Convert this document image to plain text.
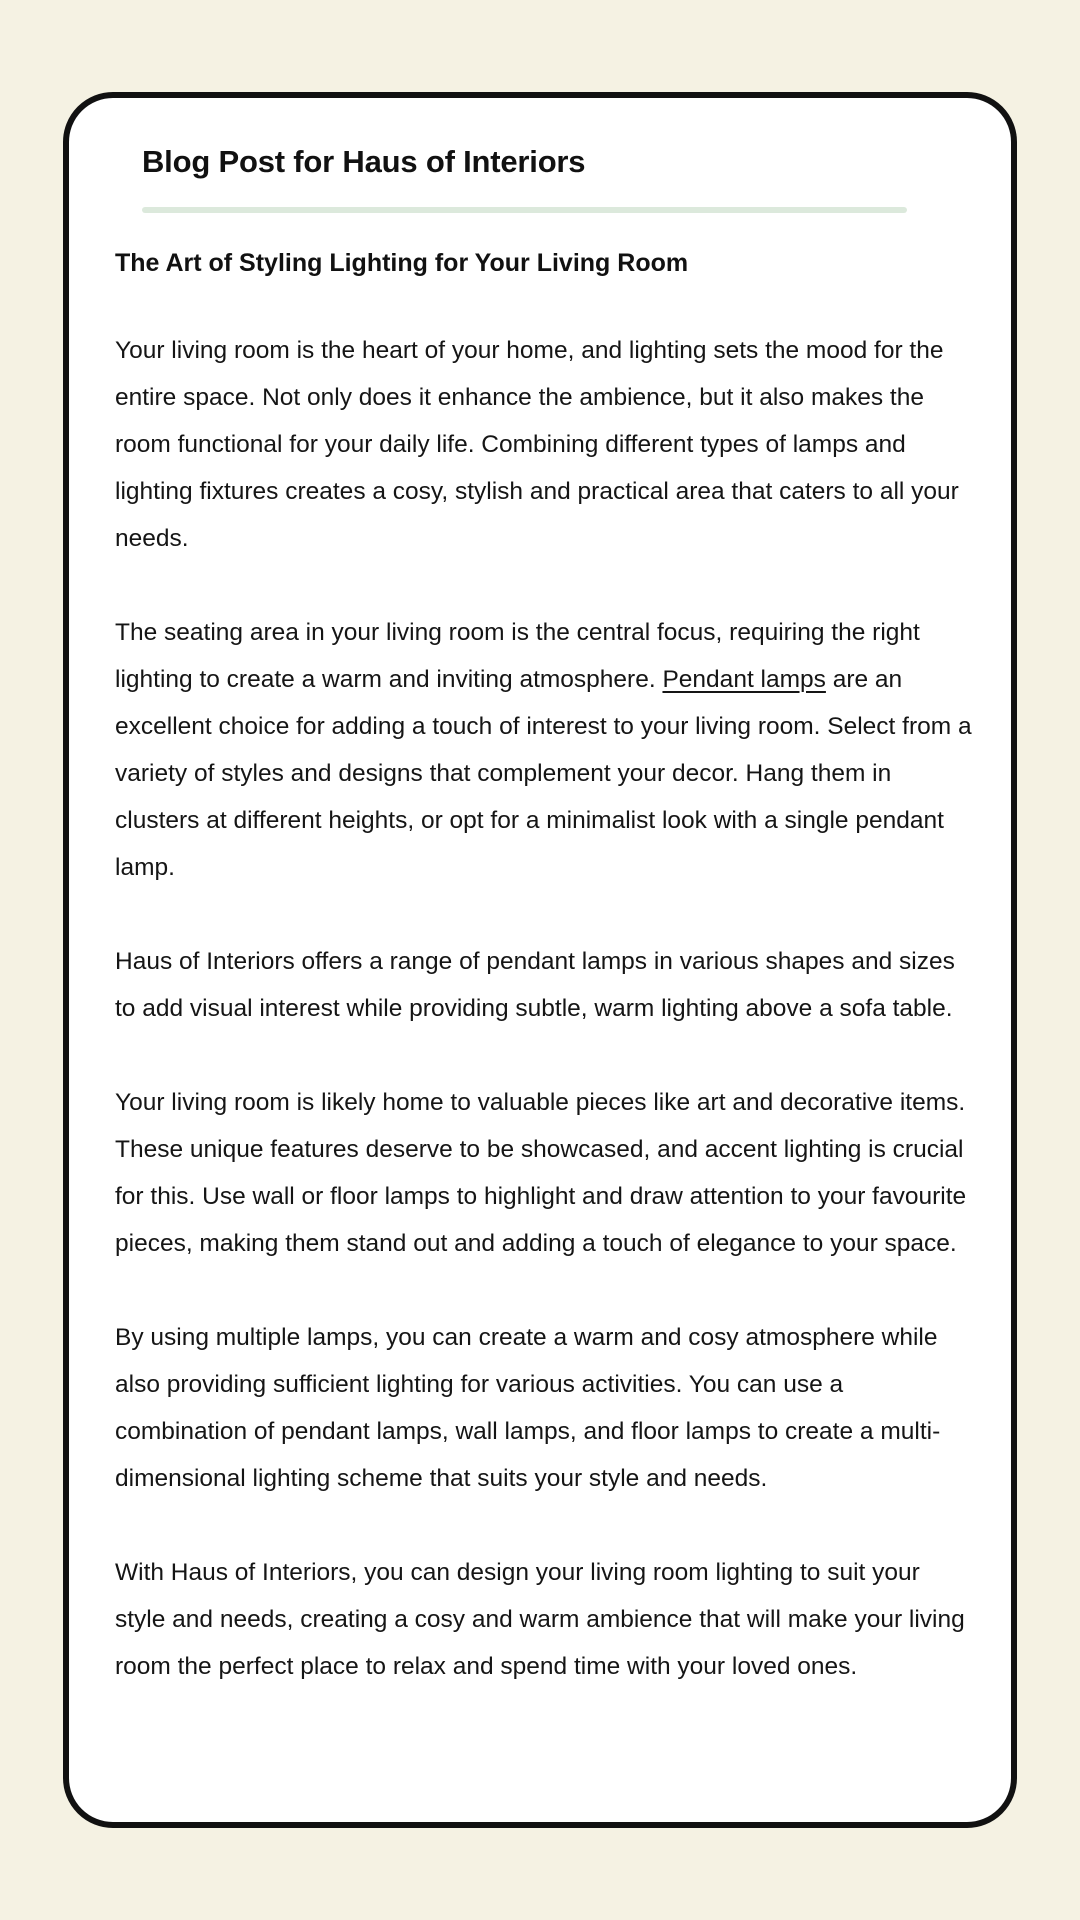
Blog Post for Haus of Interiors
The Art of Styling Lighting for Your Living Room

Your living room is the heart of your home, and lighting sets the mood for the entire space. Not only does it enhance the ambience, but it also makes the room functional for your daily life. Combining different types of lamps and lighting fixtures creates a cosy, stylish and practical area that caters to all your needs.

The seating area in your living room is the central focus, requiring the right lighting to create a warm and inviting atmosphere. Pendant lamps are an excellent choice for adding a touch of interest to your living room. Select from a variety of styles and designs that complement your decor. Hang them in clusters at different heights, or opt for a minimalist look with a single pendant lamp.

Haus of Interiors offers a range of pendant lamps in various shapes and sizes to add visual interest while providing subtle, warm lighting above a sofa table.

Your living room is likely home to valuable pieces like art and decorative items. These unique features deserve to be showcased, and accent lighting is crucial for this. Use wall or floor lamps to highlight and draw attention to your favourite pieces, making them stand out and adding a touch of elegance to your space.

By using multiple lamps, you can create a warm and cosy atmosphere while also providing sufficient lighting for various activities. You can use a combination of pendant lamps, wall lamps, and floor lamps to create a multi-dimensional lighting scheme that suits your style and needs.

With Haus of Interiors, you can design your living room lighting to suit your style and needs, creating a cosy and warm ambience that will make your living room the perfect place to relax and spend time with your loved ones.
